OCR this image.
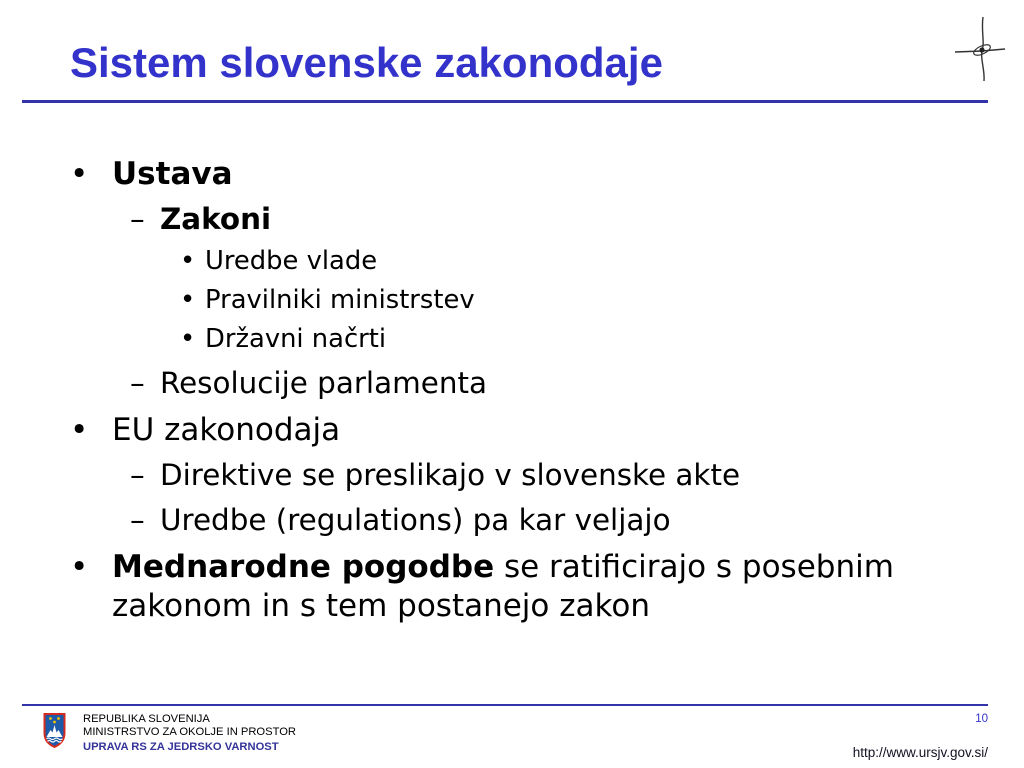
Sistem slovenske zakonodaje
• Ustava
– Zakoni
• Uredbe vlade
• Pravilniki ministrstev
• Državni načrti
– Resolucije parlamenta
• EU zakonodaja
– Direktive se preslikajo v slovenske akte
– Uredbe (regulations) pa kar veljajo
• Mednarodne pogodbe se ratificirajo s posebnim zakonom in s tem postanejo zakon
REPUBLIKA SLOVENIJA
MINISTRSTVO ZA OKOLJE IN PROSTOR
UPRAVA RS ZA JEDRSKO VARNOST
10
http://www.ursjv.gov.si/
